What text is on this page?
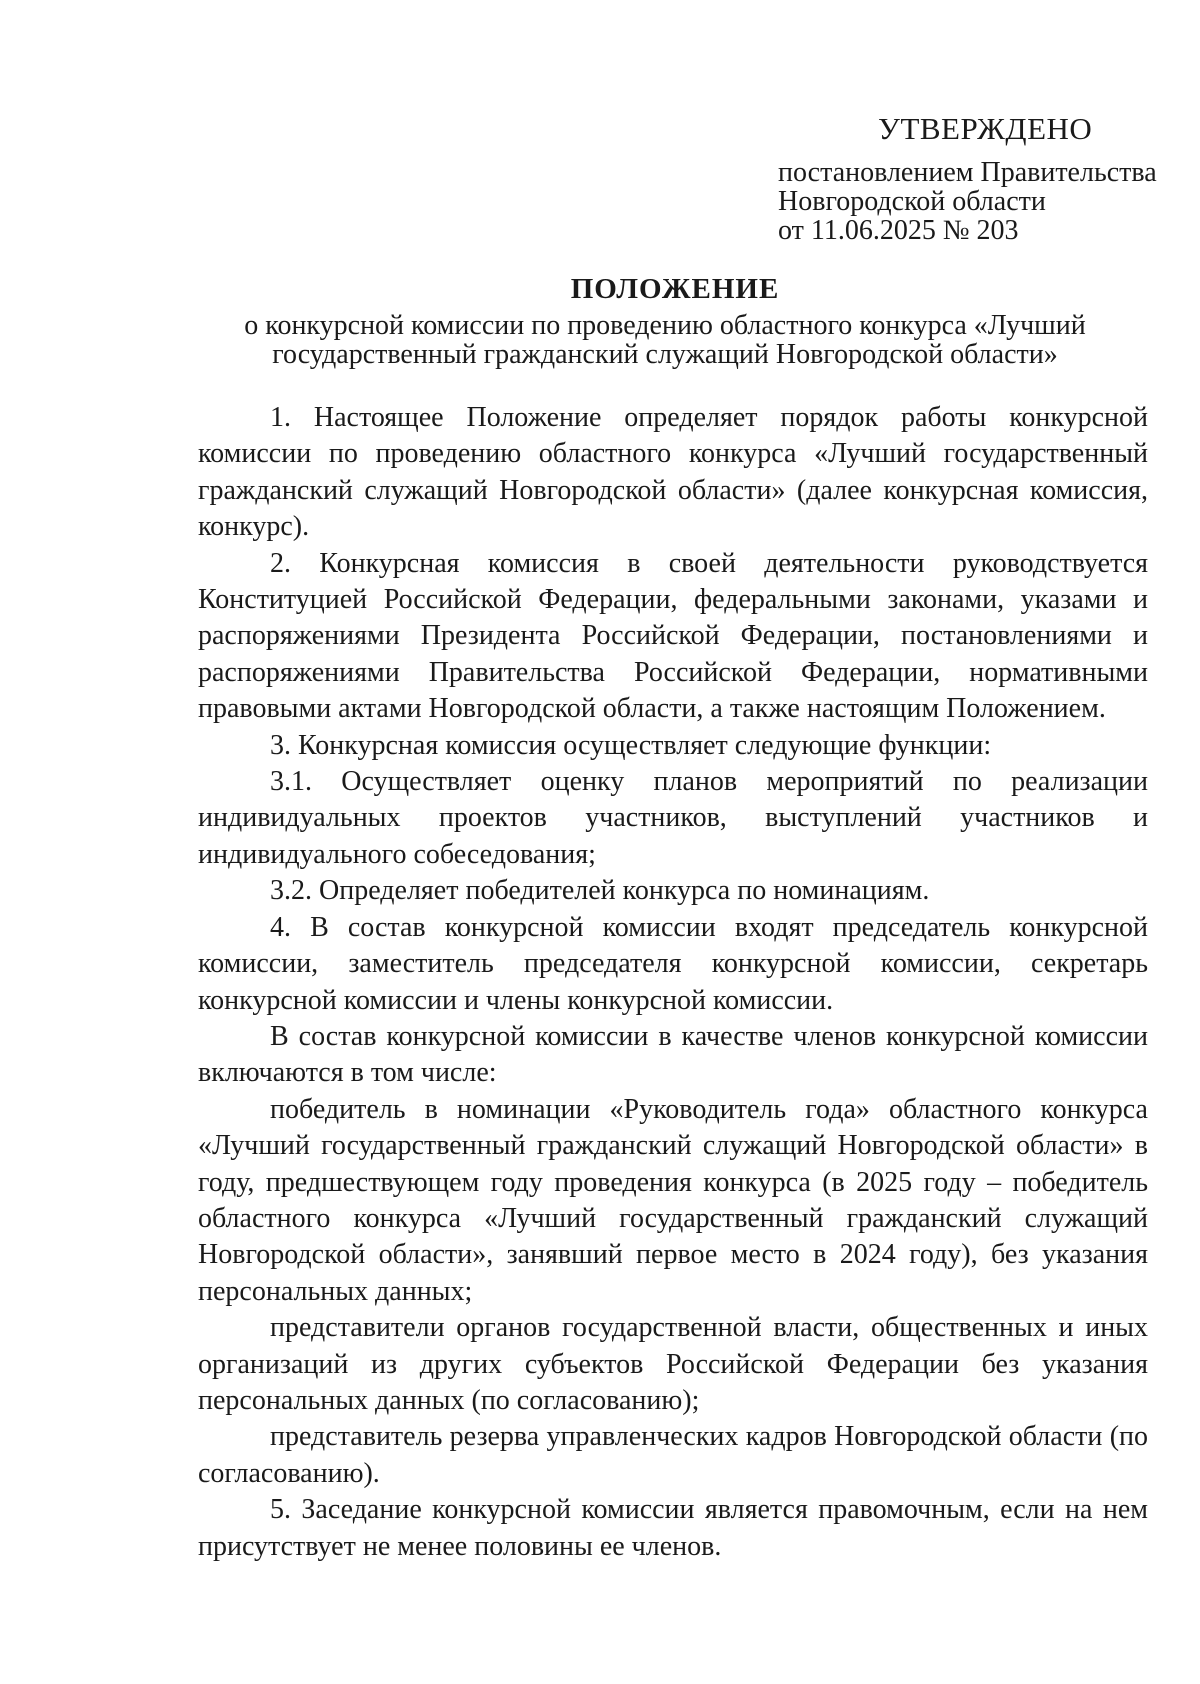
УТВЕРЖДЕНО
постановлением Правительства
Новгородской области
от 11.06.2025 № 203
ПОЛОЖЕНИЕ
о конкурсной комиссии по проведению областного конкурса «Лучший государственный гражданский служащий Новгородской области»

1. Настоящее Положение определяет порядок работы конкурсной комиссии по проведению областного конкурса «Лучший государственный гражданский служащий Новгородской области» (далее конкурсная комиссия, конкурс).

2. Конкурсная комиссия в своей деятельности руководствуется Конституцией Российской Федерации, федеральными законами, указами и распоряжениями Президента Российской Федерации, постановлениями и распоряжениями Правительства Российской Федерации, нормативными правовыми актами Новгородской области, а также настоящим Положением.

3. Конкурсная комиссия осуществляет следующие функции:

3.1. Осуществляет оценку планов мероприятий по реализации индивидуальных проектов участников, выступлений участников и индивидуального собеседования;

3.2. Определяет победителей конкурса по номинациям.

4. В состав конкурсной комиссии входят председатель конкурсной комиссии, заместитель председателя конкурсной комиссии, секретарь конкурсной комиссии и члены конкурсной комиссии.

В состав конкурсной комиссии в качестве членов конкурсной комиссии включаются в том числе:

победитель в номинации «Руководитель года» областного конкурса «Лучший государственный гражданский служащий Новгородской области» в году, предшествующем году проведения конкурса (в 2025 году – победитель областного конкурса «Лучший государственный гражданский служащий Новгородской области», занявший первое место в 2024 году), без указания персональных данных;

представители органов государственной власти, общественных и иных организаций из других субъектов Российской Федерации без указания персональных данных (по согласованию);

представитель резерва управленческих кадров Новгородской области (по согласованию).

5. Заседание конкурсной комиссии является правомочным, если на нем присутствует не менее половины ее членов.
